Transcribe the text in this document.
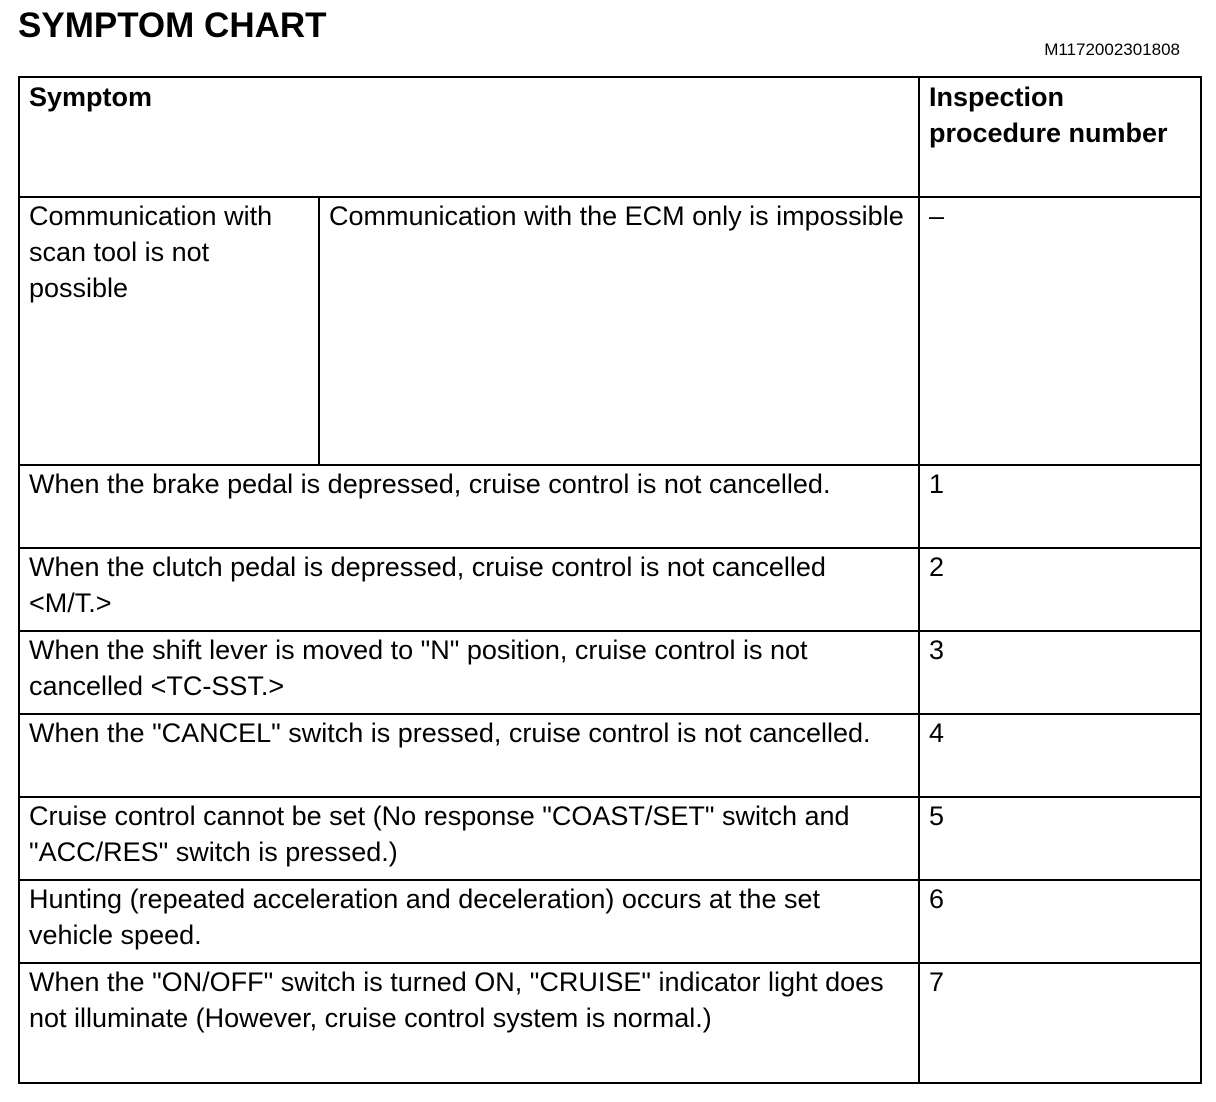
SYMPTOM CHART
M1172002301808
Symptom		Inspection procedure number
Communication with scan tool is not possible	Communication with the ECM only is impossible	–
When the brake pedal is depressed, cruise control is not cancelled.		1
When the clutch pedal is depressed, cruise control is not cancelled <M/T.>		2
When the shift lever is moved to "N" position, cruise control is not cancelled <TC-SST.>		3
When the "CANCEL" switch is pressed, cruise control is not cancelled.		4
Cruise control cannot be set (No response "COAST/SET" switch and "ACC/RES" switch is pressed.)		5
Hunting (repeated acceleration and deceleration) occurs at the set vehicle speed.		6
When the "ON/OFF" switch is turned ON, "CRUISE" indicator light does not illuminate (However, cruise control system is normal.)		7
